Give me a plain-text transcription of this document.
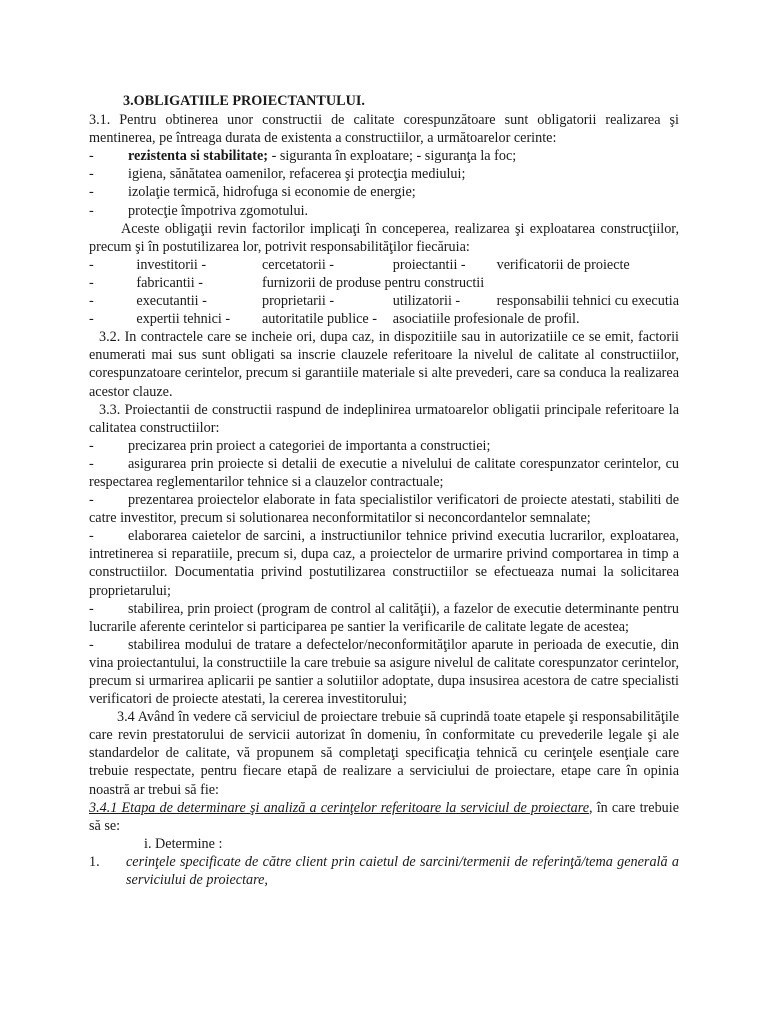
3.OBLIGATIILE PROIECTANTULUI.

3.1. Pentru obtinerea unor constructii de calitate corespunzătoare sunt obligatorii realizarea şi mentinerea, pe întreaga durata de existenta a constructiilor, a următoarelor cerinte:

-	rezistenta si stabilitate; - siguranta în exploatare; - siguranţa la foc;
-	igiena, sănătatea oamenilor, refacerea şi protecţia mediului;
-	izolaţie termică, hidrofuga si economie de energie;
-	protecţie împotriva zgomotului.

Aceste obligaţii revin factorilor implicaţi în conceperea, realizarea şi exploatarea construcţiilor, precum şi în postutilizarea lor, potrivit responsabilităţilor fiecăruia:

-	investitorii -	cercetatorii -	proiectantii -	verificatorii de proiecte
-	fabricantii -	furnizorii de produse pentru constructii		
-	executantii -	proprietarii -	utilizatorii -	responsabilii tehnici cu executia
-	expertii tehnici -	autoritatile publice -	asociatiile profesionale de profil.	

3.2. In contractele care se incheie ori, dupa caz, in dispozitiile sau in autorizatiile ce se emit, factorii enumerati mai sus sunt obligati sa inscrie clauzele referitoare la nivelul de calitate al constructiilor, corespunzatoare cerintelor, precum si garantiile materiale si alte prevederi, care sa conduca la realizarea acestor clauze.

3.3. Proiectantii de constructii raspund de indeplinirea urmatoarelor obligatii principale referitoare la calitatea constructiilor:

-	precizarea prin proiect a categoriei de importanta a constructiei;
-	asigurarea prin proiecte si detalii de executie a nivelului de calitate corespunzator cerintelor, cu respectarea reglementarilor tehnice si a clauzelor contractuale;
-	prezentarea proiectelor elaborate in fata specialistilor verificatori de proiecte atestati, stabiliti de catre investitor, precum si solutionarea neconformitatilor si neconcordantelor semnalate;
-	elaborarea caietelor de sarcini, a instructiunilor tehnice privind executia lucrarilor, exploatarea, intretinerea si reparatiile, precum si, dupa caz, a proiectelor de urmarire privind comportarea in timp a constructiilor. Documentatia privind postutilizarea constructiilor se efectueaza numai la solicitarea proprietarului;
-	stabilirea, prin proiect (program de control al calităţii), a fazelor de executie determinante pentru lucrarile aferente cerintelor si participarea pe santier la verificarile de calitate legate de acestea;
-	stabilirea modului de tratare a defectelor/neconformităţilor aparute in perioada de executie, din vina proiectantului, la constructiile la care trebuie sa asigure nivelul de calitate corespunzator cerintelor, precum si urmarirea aplicarii pe santier a solutiilor adoptate, dupa insusirea acestora de catre specialisti verificatori de proiecte atestati, la cererea investitorului;

3.4 Având în vedere că serviciul de proiectare trebuie să cuprindă toate etapele şi responsabilităţile care revin prestatorului de servicii autorizat în domeniu, în conformitate cu prevederile legale şi ale standardelor de calitate, vă propunem să completaţi specificaţia tehnică cu cerinţele esenţiale care trebuie respectate, pentru fiecare etapă de realizare a serviciului de proiectare, etape care în opinia noastră ar trebui să fie:

3.4.1 Etapa de determinare şi analiză a cerinţelor referitoare la serviciul de proiectare, în care trebuie să se:

i. Determine :
1. cerinţele specificate de către client prin caietul de sarcini/termenii de referinţă/tema generală a serviciului de proiectare,
